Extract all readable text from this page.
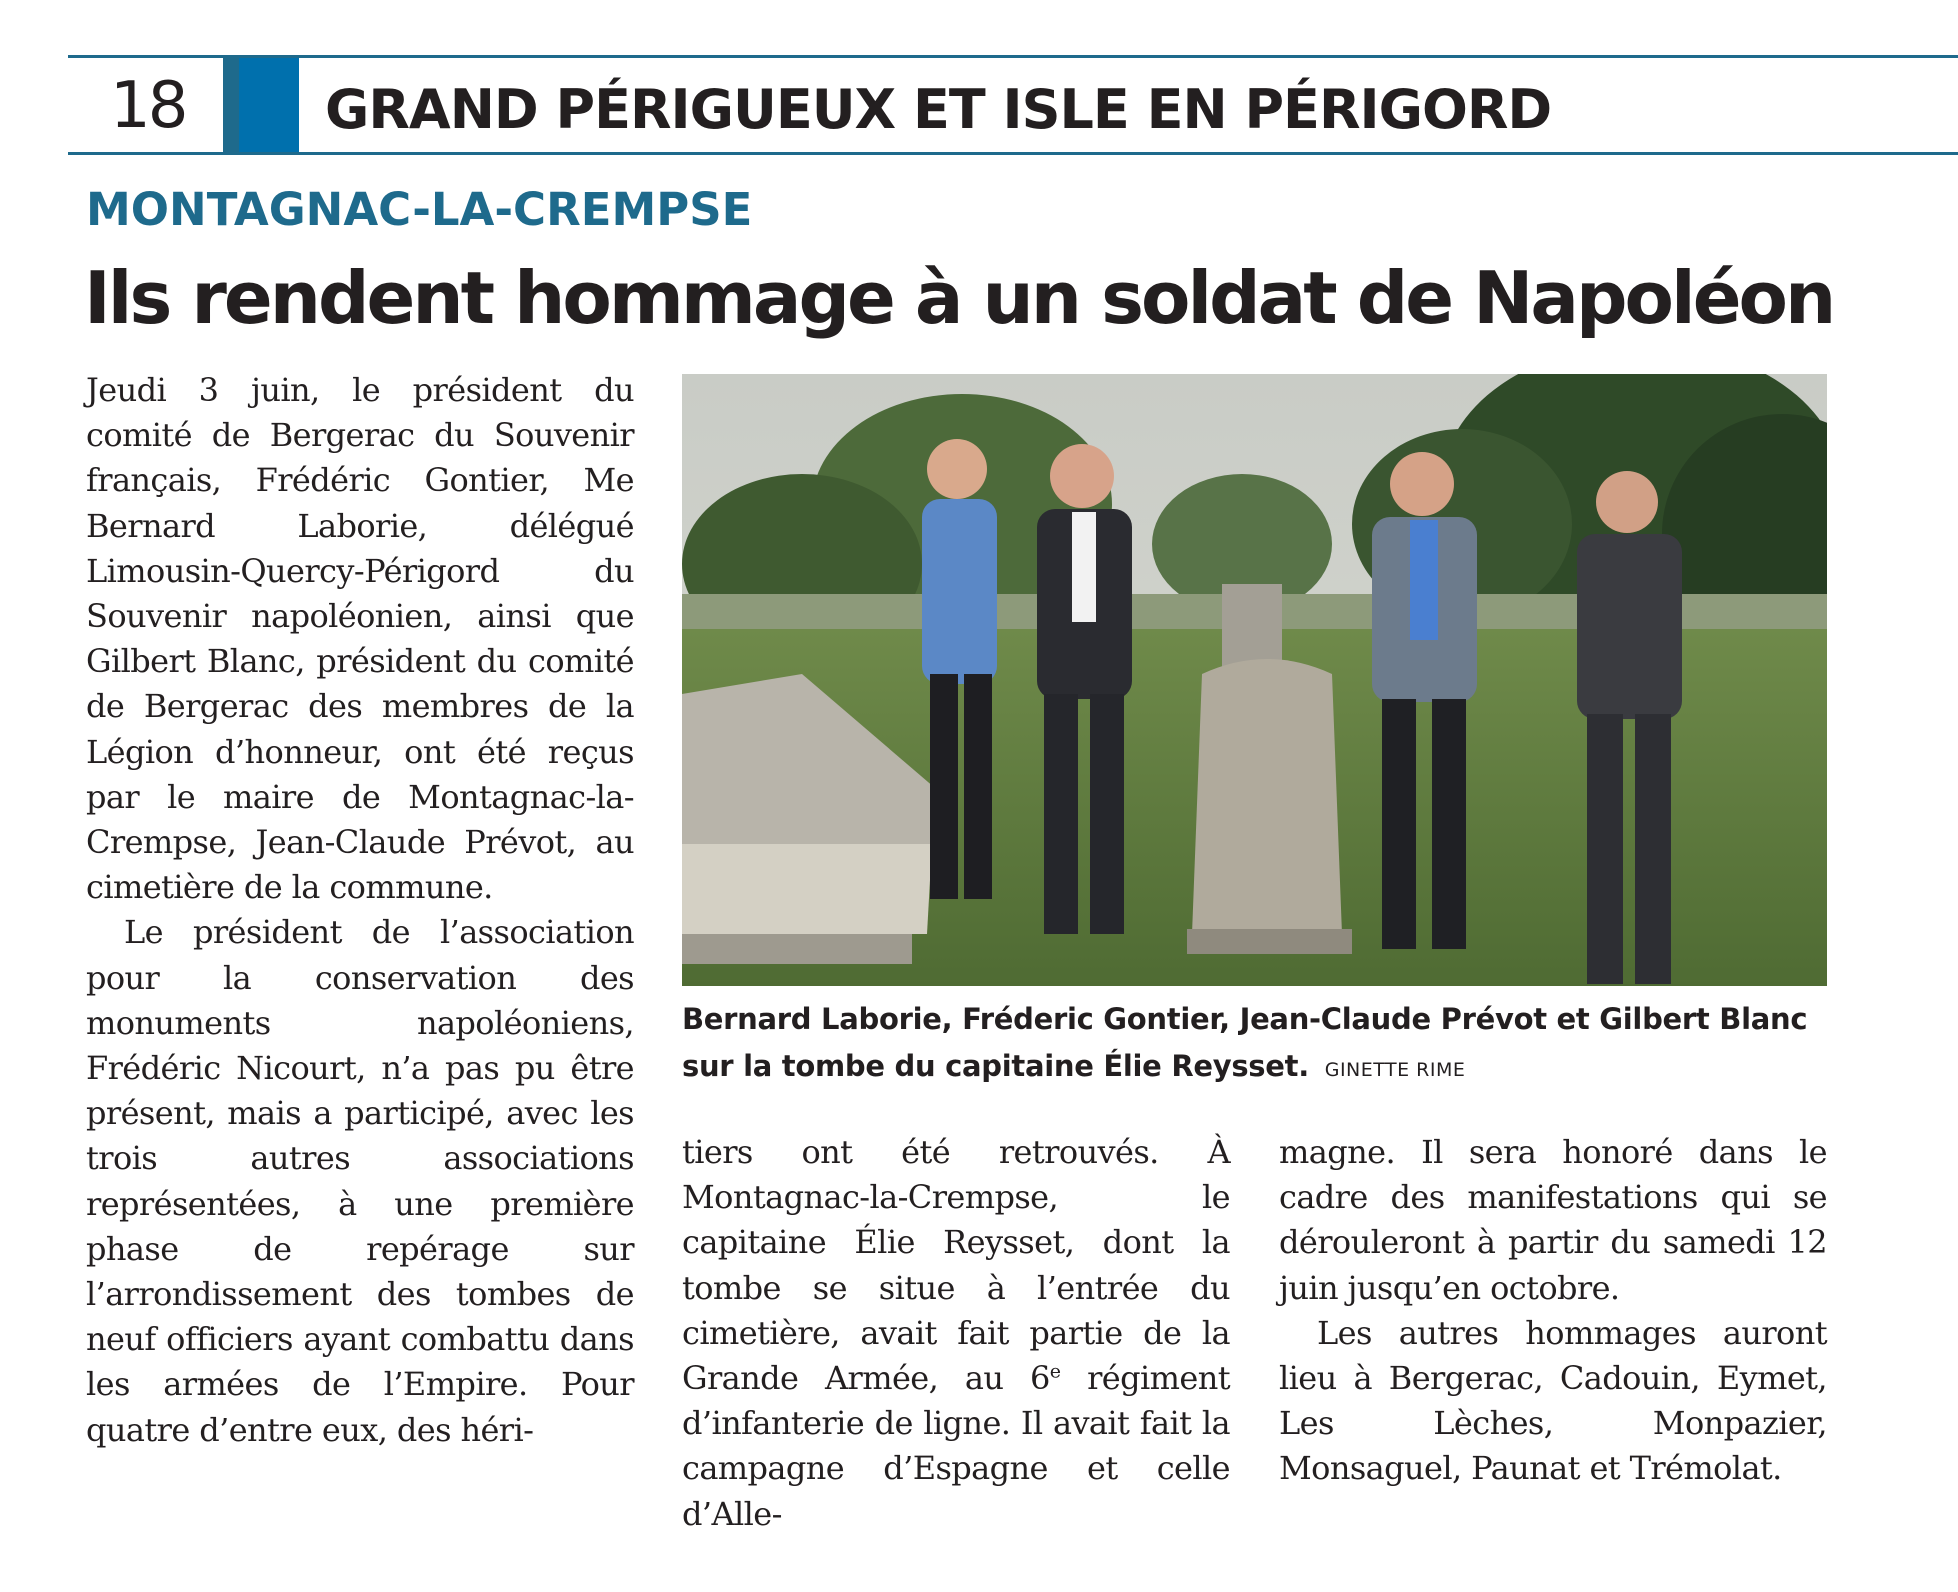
18	GRAND PÉRIGUEUX ET ISLE EN PÉRIGORD
MONTAGNAC-LA-CREMPSE
Ils rendent hommage à un soldat de Napoléon

Jeudi 3 juin, le président du comité de Bergerac du Souvenir français, Frédéric Gontier, Me Bernard Laborie, délégué Limousin-Quercy-Périgord du Souvenir napoléonien, ainsi que Gilbert Blanc, président du comité de Bergerac des membres de la Légion d’honneur, ont été reçus par le maire de Montagnac-la-Crempse, Jean-Claude Prévot, au cimetière de la commune.

Le président de l’association pour la conservation des monuments napoléoniens, Frédéric Nicourt, n’a pas pu être présent, mais a participé, avec les trois autres associations représentées, à une première phase de repérage sur l’arrondissement des tombes de neuf officiers ayant combattu dans les armées de l’Empire. Pour quatre d’entre eux, des héri-

Bernard Laborie, Fréderic Gontier, Jean-Claude Prévot et Gilbert Blanc sur la tombe du capitaine Élie Reysset. GINETTE RIME

tiers ont été retrouvés. À Montagnac-la-Crempse, le capitaine Élie Reysset, dont la tombe se situe à l’entrée du cimetière, avait fait partie de la Grande Armée, au 6e régiment d’infanterie de ligne. Il avait fait la campagne d’Espagne et celle d’Alle-

magne. Il sera honoré dans le cadre des manifestations qui se dérouleront à partir du samedi 12 juin jusqu’en octobre.

Les autres hommages auront lieu à Bergerac, Cadouin, Eymet, Les Lèches, Monpazier, Monsaguel, Paunat et Trémolat.
